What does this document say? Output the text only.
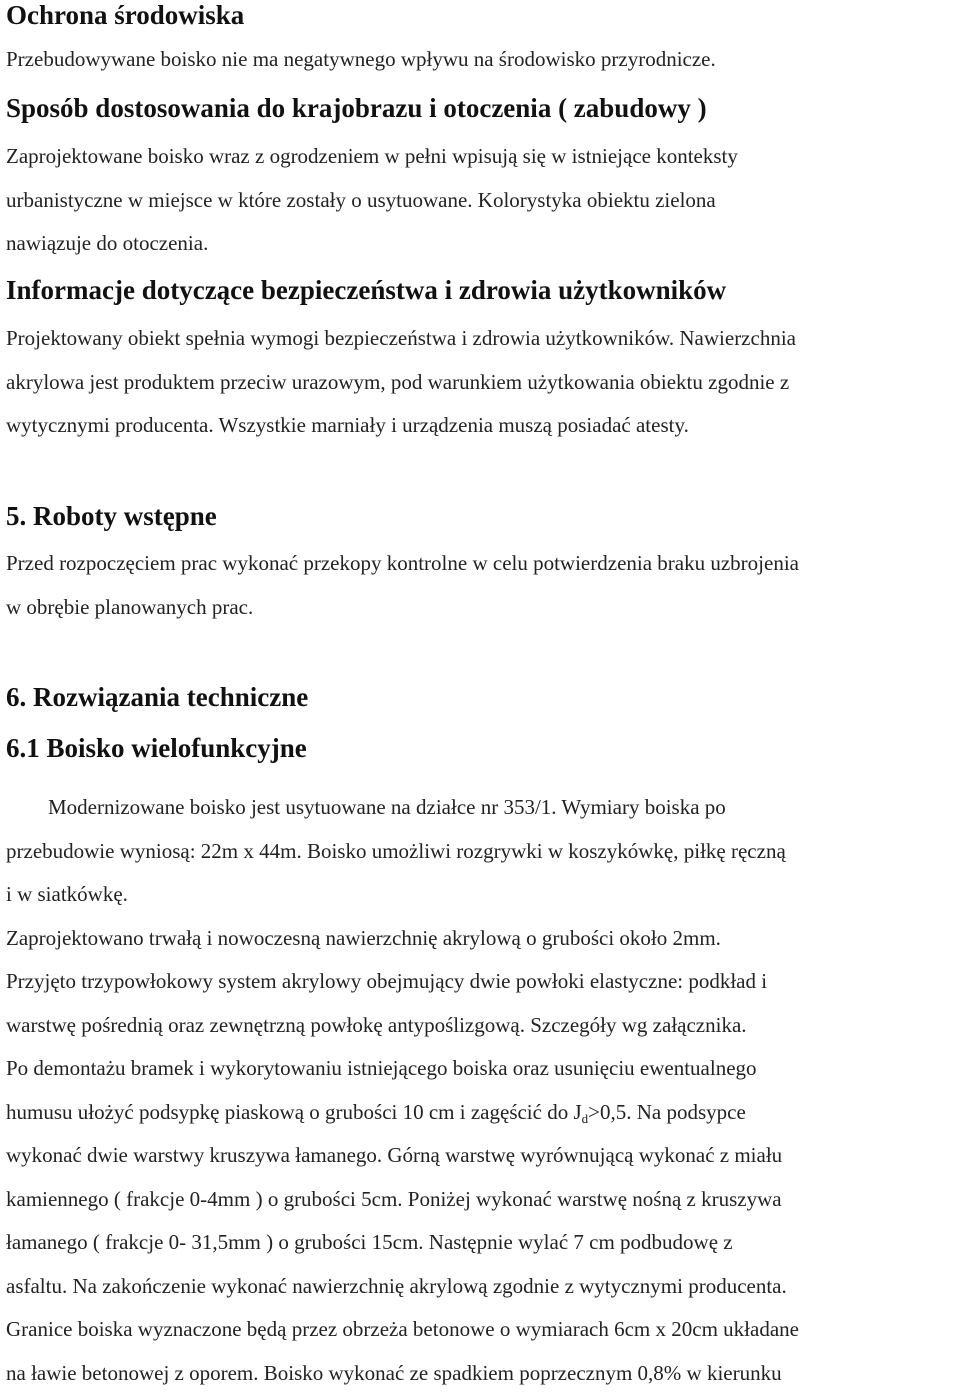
Ochrona środowiska
Przebudowywane boisko nie ma negatywnego wpływu na środowisko przyrodnicze.
Sposób dostosowania do krajobrazu i otoczenia ( zabudowy )
Zaprojektowane boisko wraz z ogrodzeniem w pełni wpisują się w istniejące konteksty
urbanistyczne w miejsce w które zostały o usytuowane. Kolorystyka obiektu zielona
nawiązuje do otoczenia.
Informacje dotyczące bezpieczeństwa i zdrowia użytkowników
Projektowany obiekt spełnia wymogi bezpieczeństwa i zdrowia użytkowników. Nawierzchnia
akrylowa jest produktem przeciw urazowym, pod warunkiem użytkowania obiektu zgodnie z
wytycznymi producenta. Wszystkie marniały i urządzenia muszą posiadać atesty.
5. Roboty wstępne
Przed rozpoczęciem prac wykonać przekopy kontrolne w celu potwierdzenia braku uzbrojenia
w obrębie planowanych prac.
6. Rozwiązania techniczne
6.1 Boisko wielofunkcyjne
Modernizowane boisko jest usytuowane na działce nr 353/1. Wymiary boiska po
przebudowie wyniosą: 22m x 44m. Boisko umożliwi rozgrywki w koszykówkę, piłkę ręczną
i w siatkówkę.
Zaprojektowano trwałą i nowoczesną nawierzchnię akrylową o grubości około 2mm.
Przyjęto trzypowłokowy system akrylowy obejmujący dwie powłoki elastyczne: podkład i
warstwę pośrednią oraz zewnętrzną powłokę antypoślizgową. Szczegóły wg załącznika.
Po demontażu bramek i wykorytowaniu istniejącego boiska oraz usunięciu ewentualnego
humusu ułożyć podsypkę piaskową o grubości 10 cm i zagęścić do $J_d>0,5$. Na podsypce
wykonać dwie warstwy kruszywa łamanego. Górną warstwę wyrównującą wykonać z miału
kamiennego ( frakcje 0-4mm ) o grubości 5cm. Poniżej wykonać warstwę nośną z kruszywa
łamanego ( frakcje 0- 31,5mm ) o grubości 15cm. Następnie wylać 7 cm podbudowę z
asfaltu. Na zakończenie wykonać nawierzchnię akrylową zgodnie z wytycznymi producenta.
Granice boiska wyznaczone będą przez obrzeża betonowe o wymiarach 6cm x 20cm układane
na ławie betonowej z oporem. Boisko wykonać ze spadkiem poprzecznym 0,8% w kierunku
